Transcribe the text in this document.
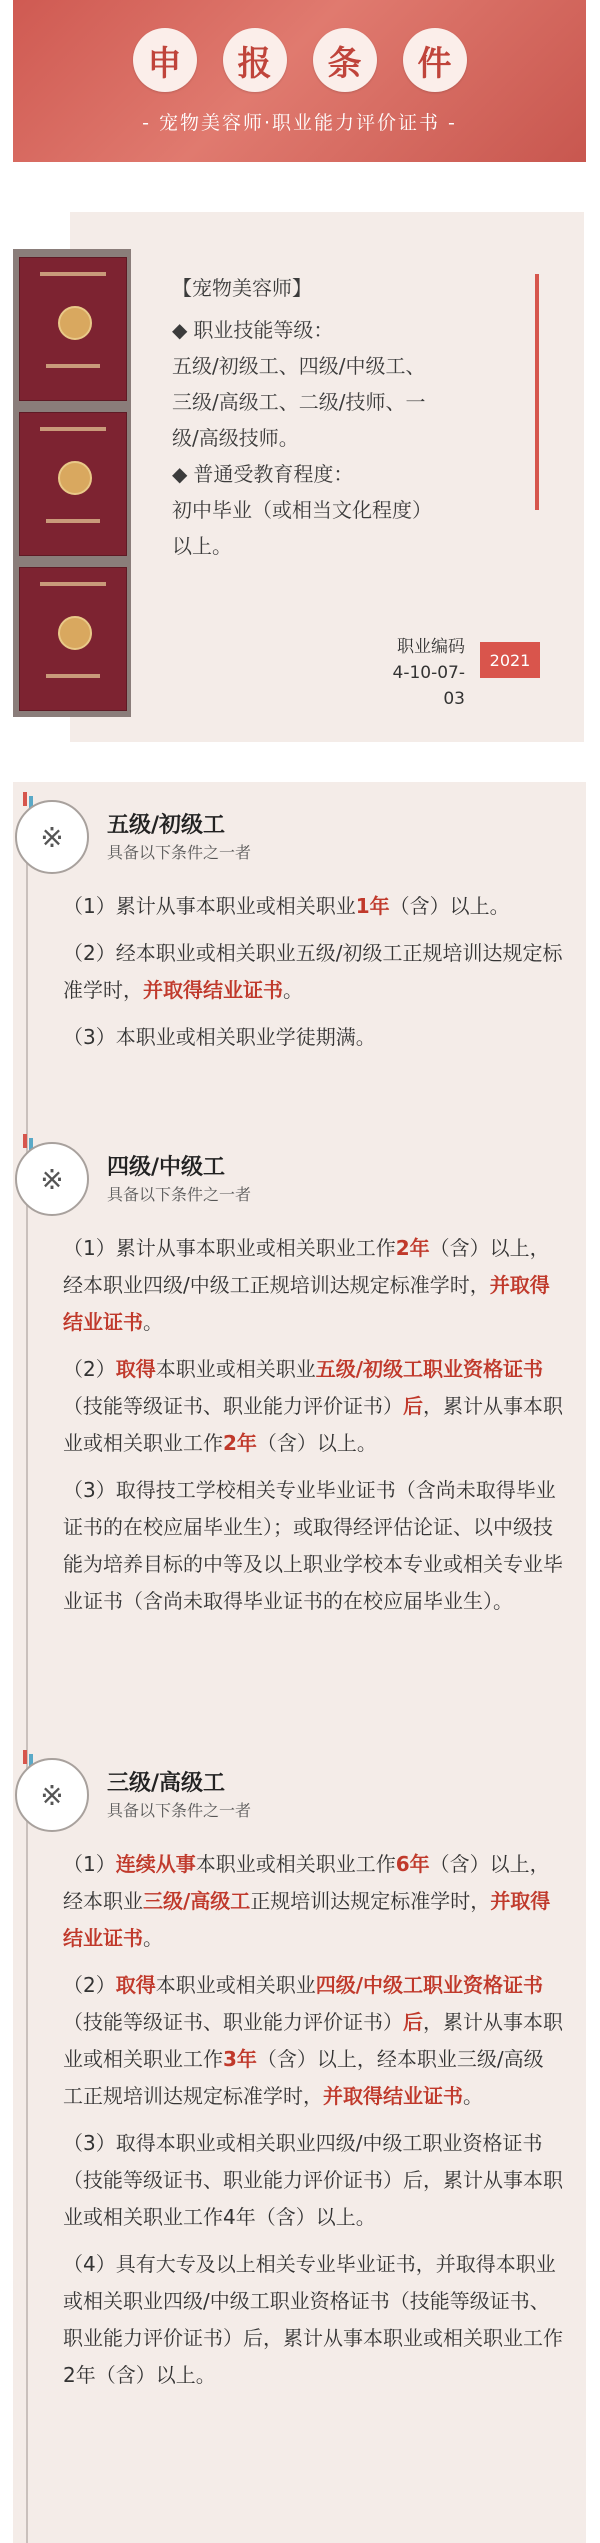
申	报	条	件
- 宠物美容师·职业能力评价证书 -

【宠物美容师】

◆ 职业技能等级：

五级/初级工、四级/中级工、

三级/高级工、二级/技师、一

级/高级技师。

◆ 普通受教育程度：

初中毕业（或相当文化程度）

以上。

职业编码
4-10-07-03
2021
※	五级/初级工
具备以下条件之一者

（1）累计从事本职业或相关职业1年（含）以上。

（2）经本职业或相关职业五级/初级工正规培训达规定标准学时，并取得结业证书。

（3）本职业或相关职业学徒期满。

※	四级/中级工
具备以下条件之一者

（1）累计从事本职业或相关职业工作2年（含）以上，经本职业四级/中级工正规培训达规定标准学时，并取得结业证书。

（2）取得本职业或相关职业五级/初级工职业资格证书（技能等级证书、职业能力评价证书）后，累计从事本职业或相关职业工作2年（含）以上。

（3）取得技工学校相关专业毕业证书（含尚未取得毕业证书的在校应届毕业生）；或取得经评估论证、以中级技能为培养目标的中等及以上职业学校本专业或相关专业毕业证书（含尚未取得毕业证书的在校应届毕业生）。

※	三级/高级工
具备以下条件之一者

（1）连续从事本职业或相关职业工作6年（含）以上，经本职业三级/高级工正规培训达规定标准学时，并取得结业证书。

（2）取得本职业或相关职业四级/中级工职业资格证书（技能等级证书、职业能力评价证书）后，累计从事本职业或相关职业工作3年（含）以上，经本职业三级/高级工正规培训达规定标准学时，并取得结业证书。

（3）取得本职业或相关职业四级/中级工职业资格证书（技能等级证书、职业能力评价证书）后，累计从事本职业或相关职业工作4年（含）以上。

（4）具有大专及以上相关专业毕业证书，并取得本职业或相关职业四级/中级工职业资格证书（技能等级证书、职业能力评价证书）后，累计从事本职业或相关职业工作2年（含）以上。
